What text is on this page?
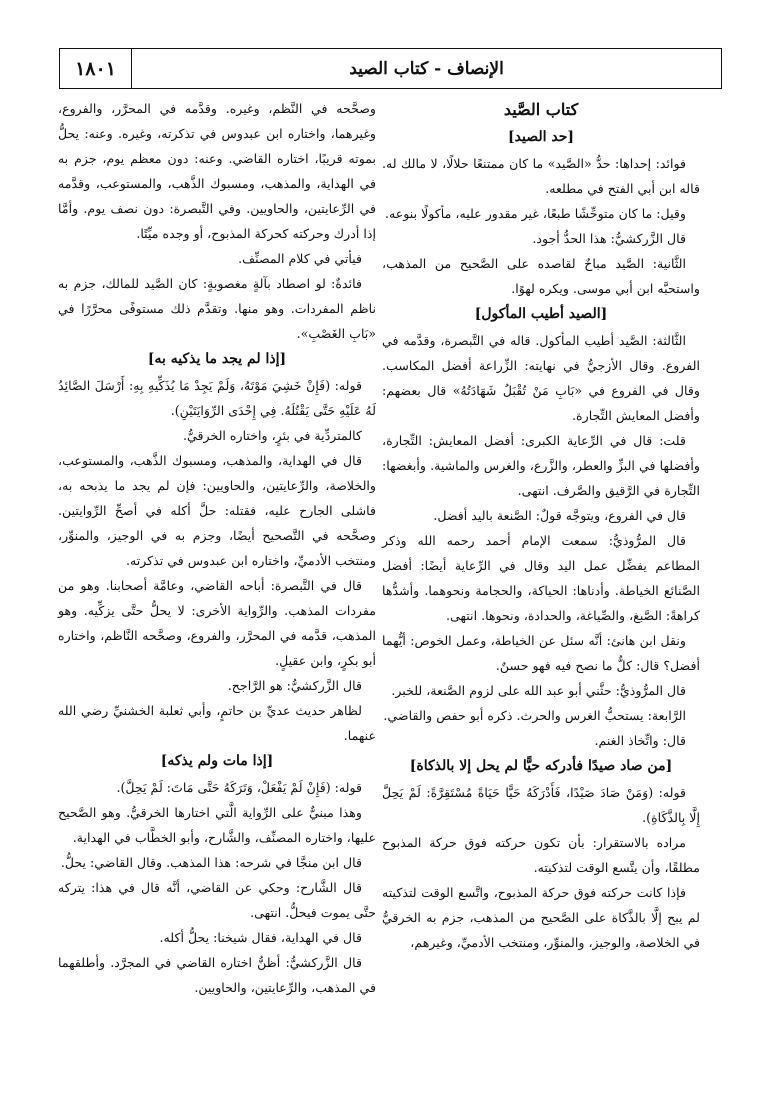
١٨٠١	الإنصاف - كتاب الصيد
كتاب الصَّيد
[حد الصيد]

فوائد: إحداها: حدُّ «الصَّيد» ما كان ممتنعًا حلالًا، لا مالك له. قاله ابن أبي الفتح في مطلعه.

وقيل: ما كان متوحِّشًا طبعًا، غير مقدور عليه، مأكولًا بنوعه.

قال الزَّركشيُّ: هذا الحدُّ أجود.

الثَّانية: الصَّيد مباحٌ لقاصده على الصَّحيح من المذهب، واستحبَّه ابن أبي موسى. ويكره لهوًا.

[الصيد أطيب المأكول]

الثَّالثة: الصَّيد أطيب المأكول. قاله في التَّبصرة، وقدَّمه في الفروع. وقال الأزجيُّ في نهايته: الزِّراعة أفضل المكاسب. وقال في الفروع في «بَابِ مَنْ تُقْبَلُ شَهَادَتُهُ» قال بعضهم: وأفضل المعايش التِّجارة.

قلت: قال في الرِّعاية الكبرى: أفضل المعايش: التِّجارة، وأفضلها في البزِّ والعطر، والزَّرع، والغرس والماشية. وأبغضها: التِّجارة في الرَّقيق والصَّرف. انتهى.

قال في الفروع، ويتوجَّه قولٌ: الصَّنعة باليد أفضل.

قال المرُّوذيُّ: سمعت الإمام أحمد رحمه الله وذكر المطاعم يفضِّل عمل اليد وقال في الرِّعاية أيضًا: أفضل الصَّنائع الخياطة. وأدناها: الحياكة، والحجامة ونحوهما. وأشدُّها كراهةً: الصَّبغ، والصِّياغة، والحدادة، ونحوها. انتهى.

ونقل ابن هانئ: أنَّه سئل عن الخياطة، وعمل الخوص: أيُّهما أفضل؟ قال: كلٌّ ما نصح فيه فهو حسنٌ.

قال المرُّوذيُّ: حثَّني أبو عبد الله على لزوم الصَّنعة، للخبر.

الرَّابعة: يستحبُّ الغرس والحرث. ذكره أبو حفص والقاضي.

قال: واتِّخاذ الغنم.

[من صاد صيدًا فأدركه حيًّا لم يحل إلا بالذكاة]

قوله: (وَمَنْ صَادَ صَيْدًا، فَأَدْرَكَهُ حَيًّا حَيَاةً مُسْتَقِرَّةً: لَمْ يَحِلَّ إِلَّا بِالذَّكَاةِ).

مراده بالاستقرار: بأن تكون حركته فوق حركة المذبوح مطلقًا، وأن يتَّسع الوقت لتذكيته.

فإذا كانت حركته فوق حركة المذبوح، واتَّسع الوقت لتذكيته لم يبح إلَّا بالذَّكاة على الصَّحيح من المذهب، جزم به الخرقيُّ في الخلاصة، والوجيز، والمنوِّر، ومنتخب الأدميِّ، وغيرهم،

وصحَّحه في النَّظم، وغيره. وقدَّمه في المحرَّر، والفروع، وغيرهما، واختاره ابن عبدوس في تذكرته، وغيره. وعنه: يحلُّ بموته قريبًا، اختاره القاضي. وعنه: دون معظم يوم، جزم به في الهداية، والمذهب، ومسبوك الذَّهب، والمستوعب، وقدَّمه في الرِّعايتين، والحاويين. وفي التَّبصرة: دون نصف يوم. وأمَّا إذا أدرك وحركته كحركة المذبوح، أو وجده ميِّتًا.

فيأتي في كلام المصنِّف.

فائدةٌ: لو اصطاد بآلةٍ مغصوبةٍ: كان الصَّيد للمالك، جزم به ناظم المفردات. وهو منها. وتقدَّم ذلك مستوفًى محرَّرًا في «بَابِ الغَصْبِ».

[إذا لم يجد ما يذكيه به]

قوله: (فَإِنْ خَشِيَ مَوْتَهُ، وَلَمْ يَجِدْ مَا يُذَكِّيهِ بِهِ: أَرْسَلَ الصَّائِدُ لَهُ عَلَيْهِ حَتَّى يَقْتُلَهُ. فِي إِحْدَى الرِّوَايَتَيْنِ).

كالمتردِّية في بئرٍ، واختاره الخرقيُّ.

قال في الهداية، والمذهب، ومسبوك الذَّهب، والمستوعب، والخلاصة، والرِّعايتين، والحاويين: فإن لم يجد ما يذبحه به، فاشلى الجارح عليه، فقتله: حلَّ أكله في أصحِّ الرِّوايتين. وصحَّحه في التَّصحيح أيضًا، وجزم به في الوجيز، والمنوِّر، ومنتخب الأدميِّ، واختاره ابن عبدوس في تذكرته.

قال في التَّبصرة: أباحه القاضي، وعامَّة أصحابنا. وهو من مفردات المذهب. والرِّواية الأخرى: لا يحلُّ حتَّى يزكِّيه. وهو المذهب، قدَّمه في المحرَّر، والفروع، وصحَّحه النَّاظم، واختاره أبو بكرٍ، وابن عقيلٍ.

قال الزَّركشيُّ: هو الرَّاجح.

لظاهر حديث عديِّ بن حاتمٍ، وأبي ثعلبة الخشنيِّ رضي الله عنهما.

[إذا مات ولم يذكه]

قوله: (فَإِنْ لَمْ يَفْعَلْ، وَتَرَكَهُ حَتَّى مَاتَ: لَمْ يَحِلَّ).

وهذا مبنيٌّ على الرِّواية الَّتي اختارها الخرقيُّ. وهو الصَّحيح عليها، واختاره المصنِّف، والشَّارح، وأبو الخطَّاب في الهداية.

قال ابن منجَّا في شرحه: هذا المذهب. وقال القاضي: يحلُّ.

قال الشَّارح: وحكي عن القاضي، أنَّه قال في هذا: يتركه حتَّى يموت فيحلُّ. انتهى.

قال في الهداية، فقال شيخنا: يحلُّ أكله.

قال الزَّركشيُّ: أظنُّ اختاره القاضي في المجرَّد. وأطلقهما في المذهب، والرِّعايتين، والحاويين.
